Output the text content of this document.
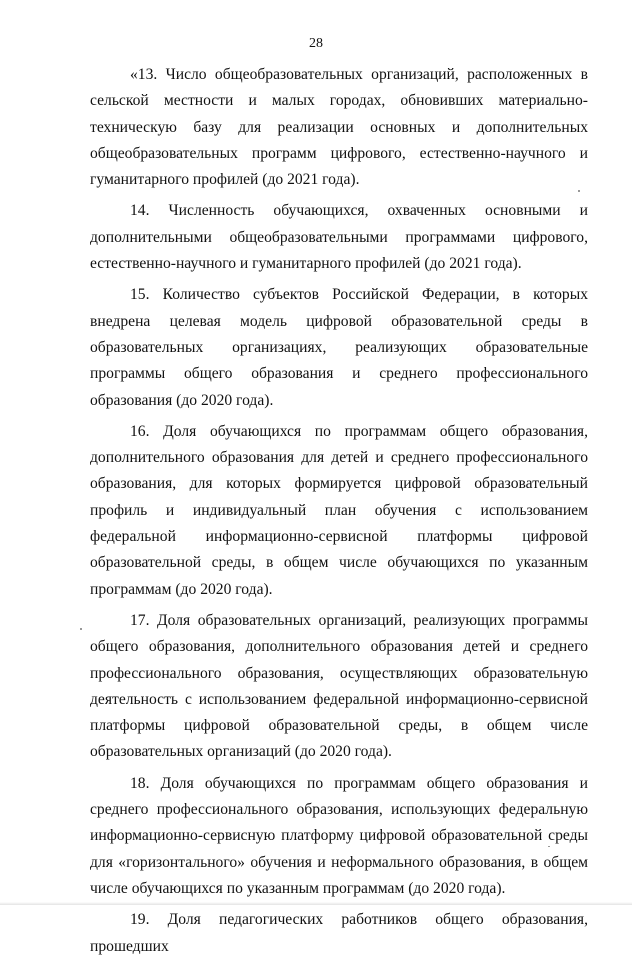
28

«13. Число общеобразовательных организаций, расположенных в сельской местности и малых городах, обновивших материально-техническую базу для реализации основных и дополнительных общеобразовательных программ цифрового, естественно-научного и гуманитарного профилей (до 2021 года).

14. Численность обучающихся, охваченных основными и дополнительными общеобразовательными программами цифрового, естественно-научного и гуманитарного профилей (до 2021 года).

15. Количество субъектов Российской Федерации, в которых внедрена целевая модель цифровой образовательной среды в образовательных организациях, реализующих образовательные программы общего образования и среднего профессионального образования (до 2020 года).

16. Доля обучающихся по программам общего образования, дополнительного образования для детей и среднего профессионального образования, для которых формируется цифровой образовательный профиль и индивидуальный план обучения с использованием федеральной информационно-сервисной платформы цифровой образовательной среды, в общем числе обучающихся по указанным программам (до 2020 года).

17. Доля образовательных организаций, реализующих программы общего образования, дополнительного образования детей и среднего профессионального образования, осуществляющих образовательную деятельность с использованием федеральной информационно-сервисной платформы цифровой образовательной среды, в общем числе образовательных организаций (до 2020 года).

18. Доля обучающихся по программам общего образования и среднего профессионального образования, использующих федеральную информационно-сервисную платформу цифровой образовательной среды для «горизонтального» обучения и неформального образования, в общем числе обучающихся по указанным программам (до 2020 года).

19. Доля педагогических работников общего образования, прошедших
